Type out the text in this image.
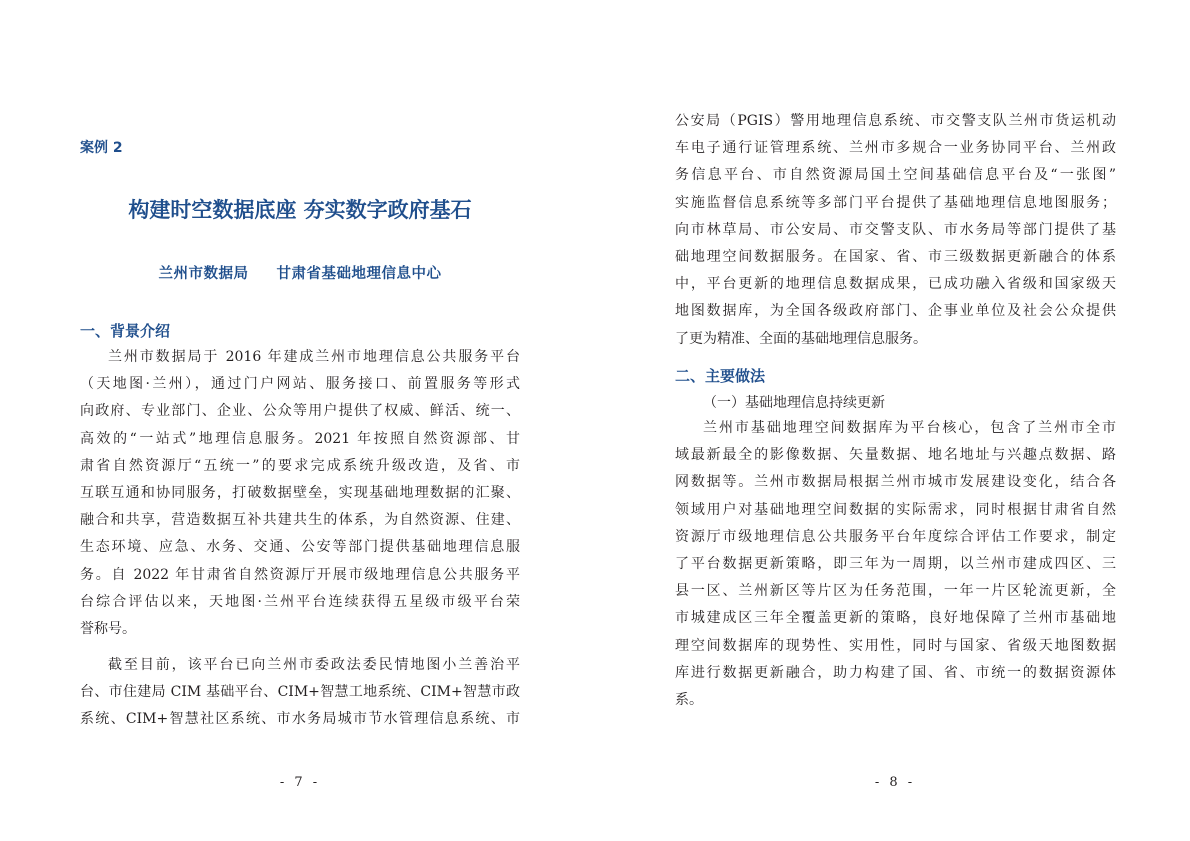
案例 2
构建时空数据底座 夯实数字政府基石
兰州市数据局 甘肃省基础地理信息中心
一、背景介绍
兰州市数据局于 2016 年建成兰州市地理信息公共服务平台
（天地图·兰州），通过门户网站、服务接口、前置服务等形式
向政府、专业部门、企业、公众等用户提供了权威、鲜活、统一、
高效的“一站式”地理信息服务。2021 年按照自然资源部、甘
肃省自然资源厅“五统一”的要求完成系统升级改造，及省、市
互联互通和协同服务，打破数据壁垒，实现基础地理数据的汇聚、
融合和共享，营造数据互补共建共生的体系，为自然资源、住建、
生态环境、应急、水务、交通、公安等部门提供基础地理信息服
务。自 2022 年甘肃省自然资源厅开展市级地理信息公共服务平
台综合评估以来，天地图·兰州平台连续获得五星级市级平台荣
誉称号。
截至目前，该平台已向兰州市委政法委民情地图小兰善治平
台、市住建局 CIM 基础平台、CIM+智慧工地系统、CIM+智慧市政
系统、CIM+智慧社区系统、市水务局城市节水管理信息系统、市
- 7 -
公安局（PGIS）警用地理信息系统、市交警支队兰州市货运机动
车电子通行证管理系统、兰州市多规合一业务协同平台、兰州政
务信息平台、市自然资源局国土空间基础信息平台及“一张图”
实施监督信息系统等多部门平台提供了基础地理信息地图服务；
向市林草局、市公安局、市交警支队、市水务局等部门提供了基
础地理空间数据服务。在国家、省、市三级数据更新融合的体系
中，平台更新的地理信息数据成果，已成功融入省级和国家级天
地图数据库，为全国各级政府部门、企事业单位及社会公众提供
了更为精准、全面的基础地理信息服务。
二、主要做法
（一）基础地理信息持续更新
兰州市基础地理空间数据库为平台核心，包含了兰州市全市
域最新最全的影像数据、矢量数据、地名地址与兴趣点数据、路
网数据等。兰州市数据局根据兰州市城市发展建设变化，结合各
领域用户对基础地理空间数据的实际需求，同时根据甘肃省自然
资源厅市级地理信息公共服务平台年度综合评估工作要求，制定
了平台数据更新策略，即三年为一周期，以兰州市建成四区、三
县一区、兰州新区等片区为任务范围，一年一片区轮流更新，全
市城建成区三年全覆盖更新的策略，良好地保障了兰州市基础地
理空间数据库的现势性、实用性，同时与国家、省级天地图数据
库进行数据更新融合，助力构建了国、省、市统一的数据资源体
系。
- 8 -
